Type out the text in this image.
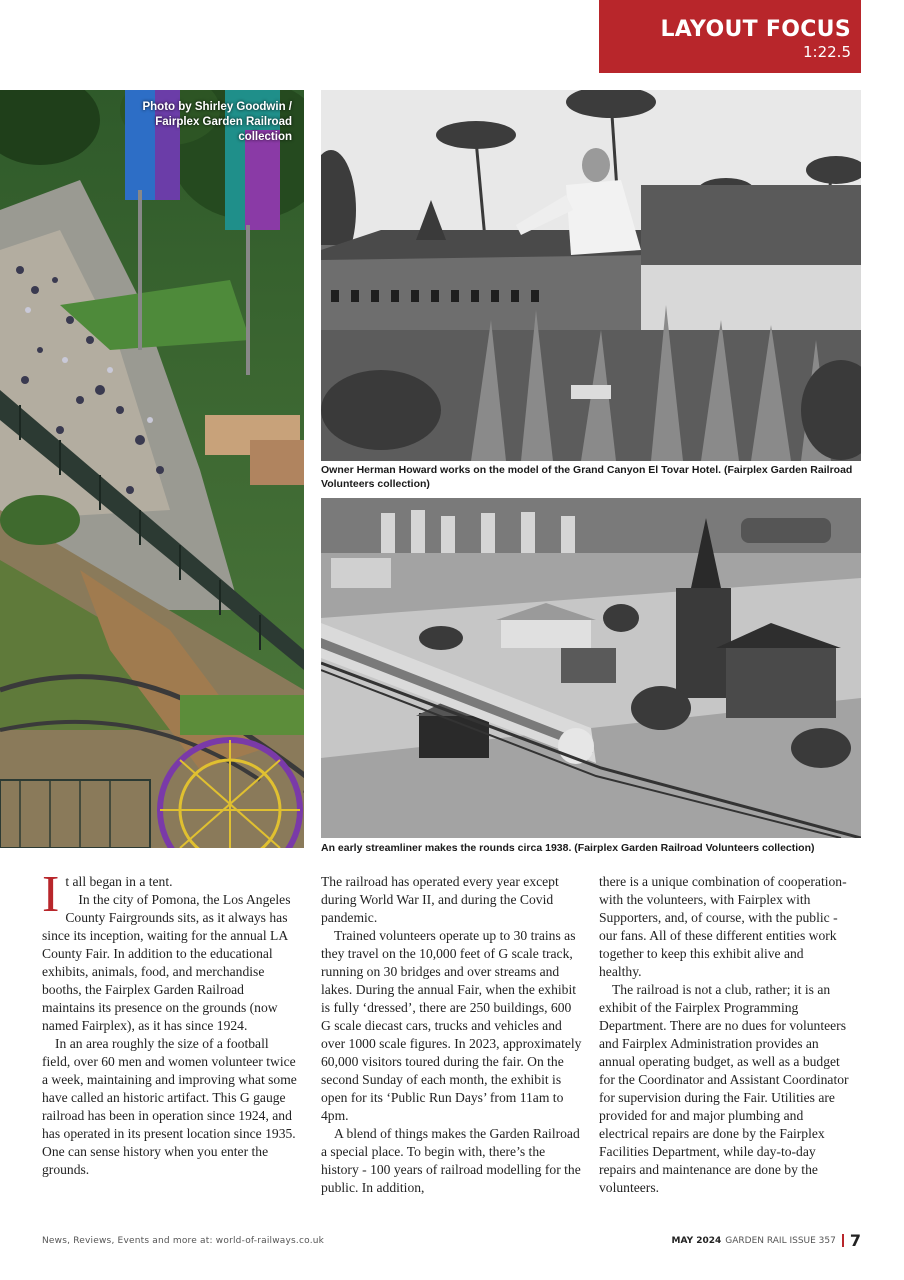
LAYOUT FOCUS
1:22.5
Photo by Shirley Goodwin / Fairplex Garden Railroad collection
Owner Herman Howard works on the model of the Grand Canyon El Tovar Hotel. (Fairplex Garden Railroad Volunteers collection)
An early streamliner makes the rounds circa 1938. (Fairplex Garden Railroad Volunteers collection)

It all began in a tent.

In the city of Pomona, the Los Angeles County Fairgrounds sits, as it always has since its inception, waiting for the annual LA County Fair. In addition to the educational exhibits, animals, food, and merchandise booths, the Fairplex Garden Railroad maintains its presence on the grounds (now named Fairplex), as it has since 1924.

In an area roughly the size of a football field, over 60 men and women volunteer twice a week, maintaining and improving what some have called an historic artifact. This G gauge railroad has been in operation since 1924, and has operated in its present location since 1935. One can sense history when you enter the grounds.

The railroad has operated every year except during World War II, and during the Covid pandemic.

Trained volunteers operate up to 30 trains as they travel on the 10,000 feet of G scale track, running on 30 bridges and over streams and lakes. During the annual Fair, when the exhibit is fully ‘dressed’, there are 250 buildings, 600 G scale diecast cars, trucks and vehicles and over 1000 scale figures. In 2023, approximately 60,000 visitors toured during the fair. On the second Sunday of each month, the exhibit is open for its ‘Public Run Days’ from 11am to 4pm.

A blend of things makes the Garden Railroad a special place. To begin with, there’s the history - 100 years of railroad modelling for the public. In addition,

there is a unique combination of cooperation- with the volunteers, with Fairplex with Supporters, and, of course, with the public - our fans. All of these different entities work together to keep this exhibit alive and healthy.

The railroad is not a club, rather; it is an exhibit of the Fairplex Programming Department. There are no dues for volunteers and Fairplex Administration provides an annual operating budget, as well as a budget for the Coordinator and Assistant Coordinator for supervision during the Fair. Utilities are provided for and major plumbing and electrical repairs are done by the Fairplex Facilities Department, while day-to-day repairs and maintenance are done by the volunteers.

News, Reviews, Events and more at: world-of-railways.co.uk	MAY 2024 GARDEN RAIL ISSUE 357 7
